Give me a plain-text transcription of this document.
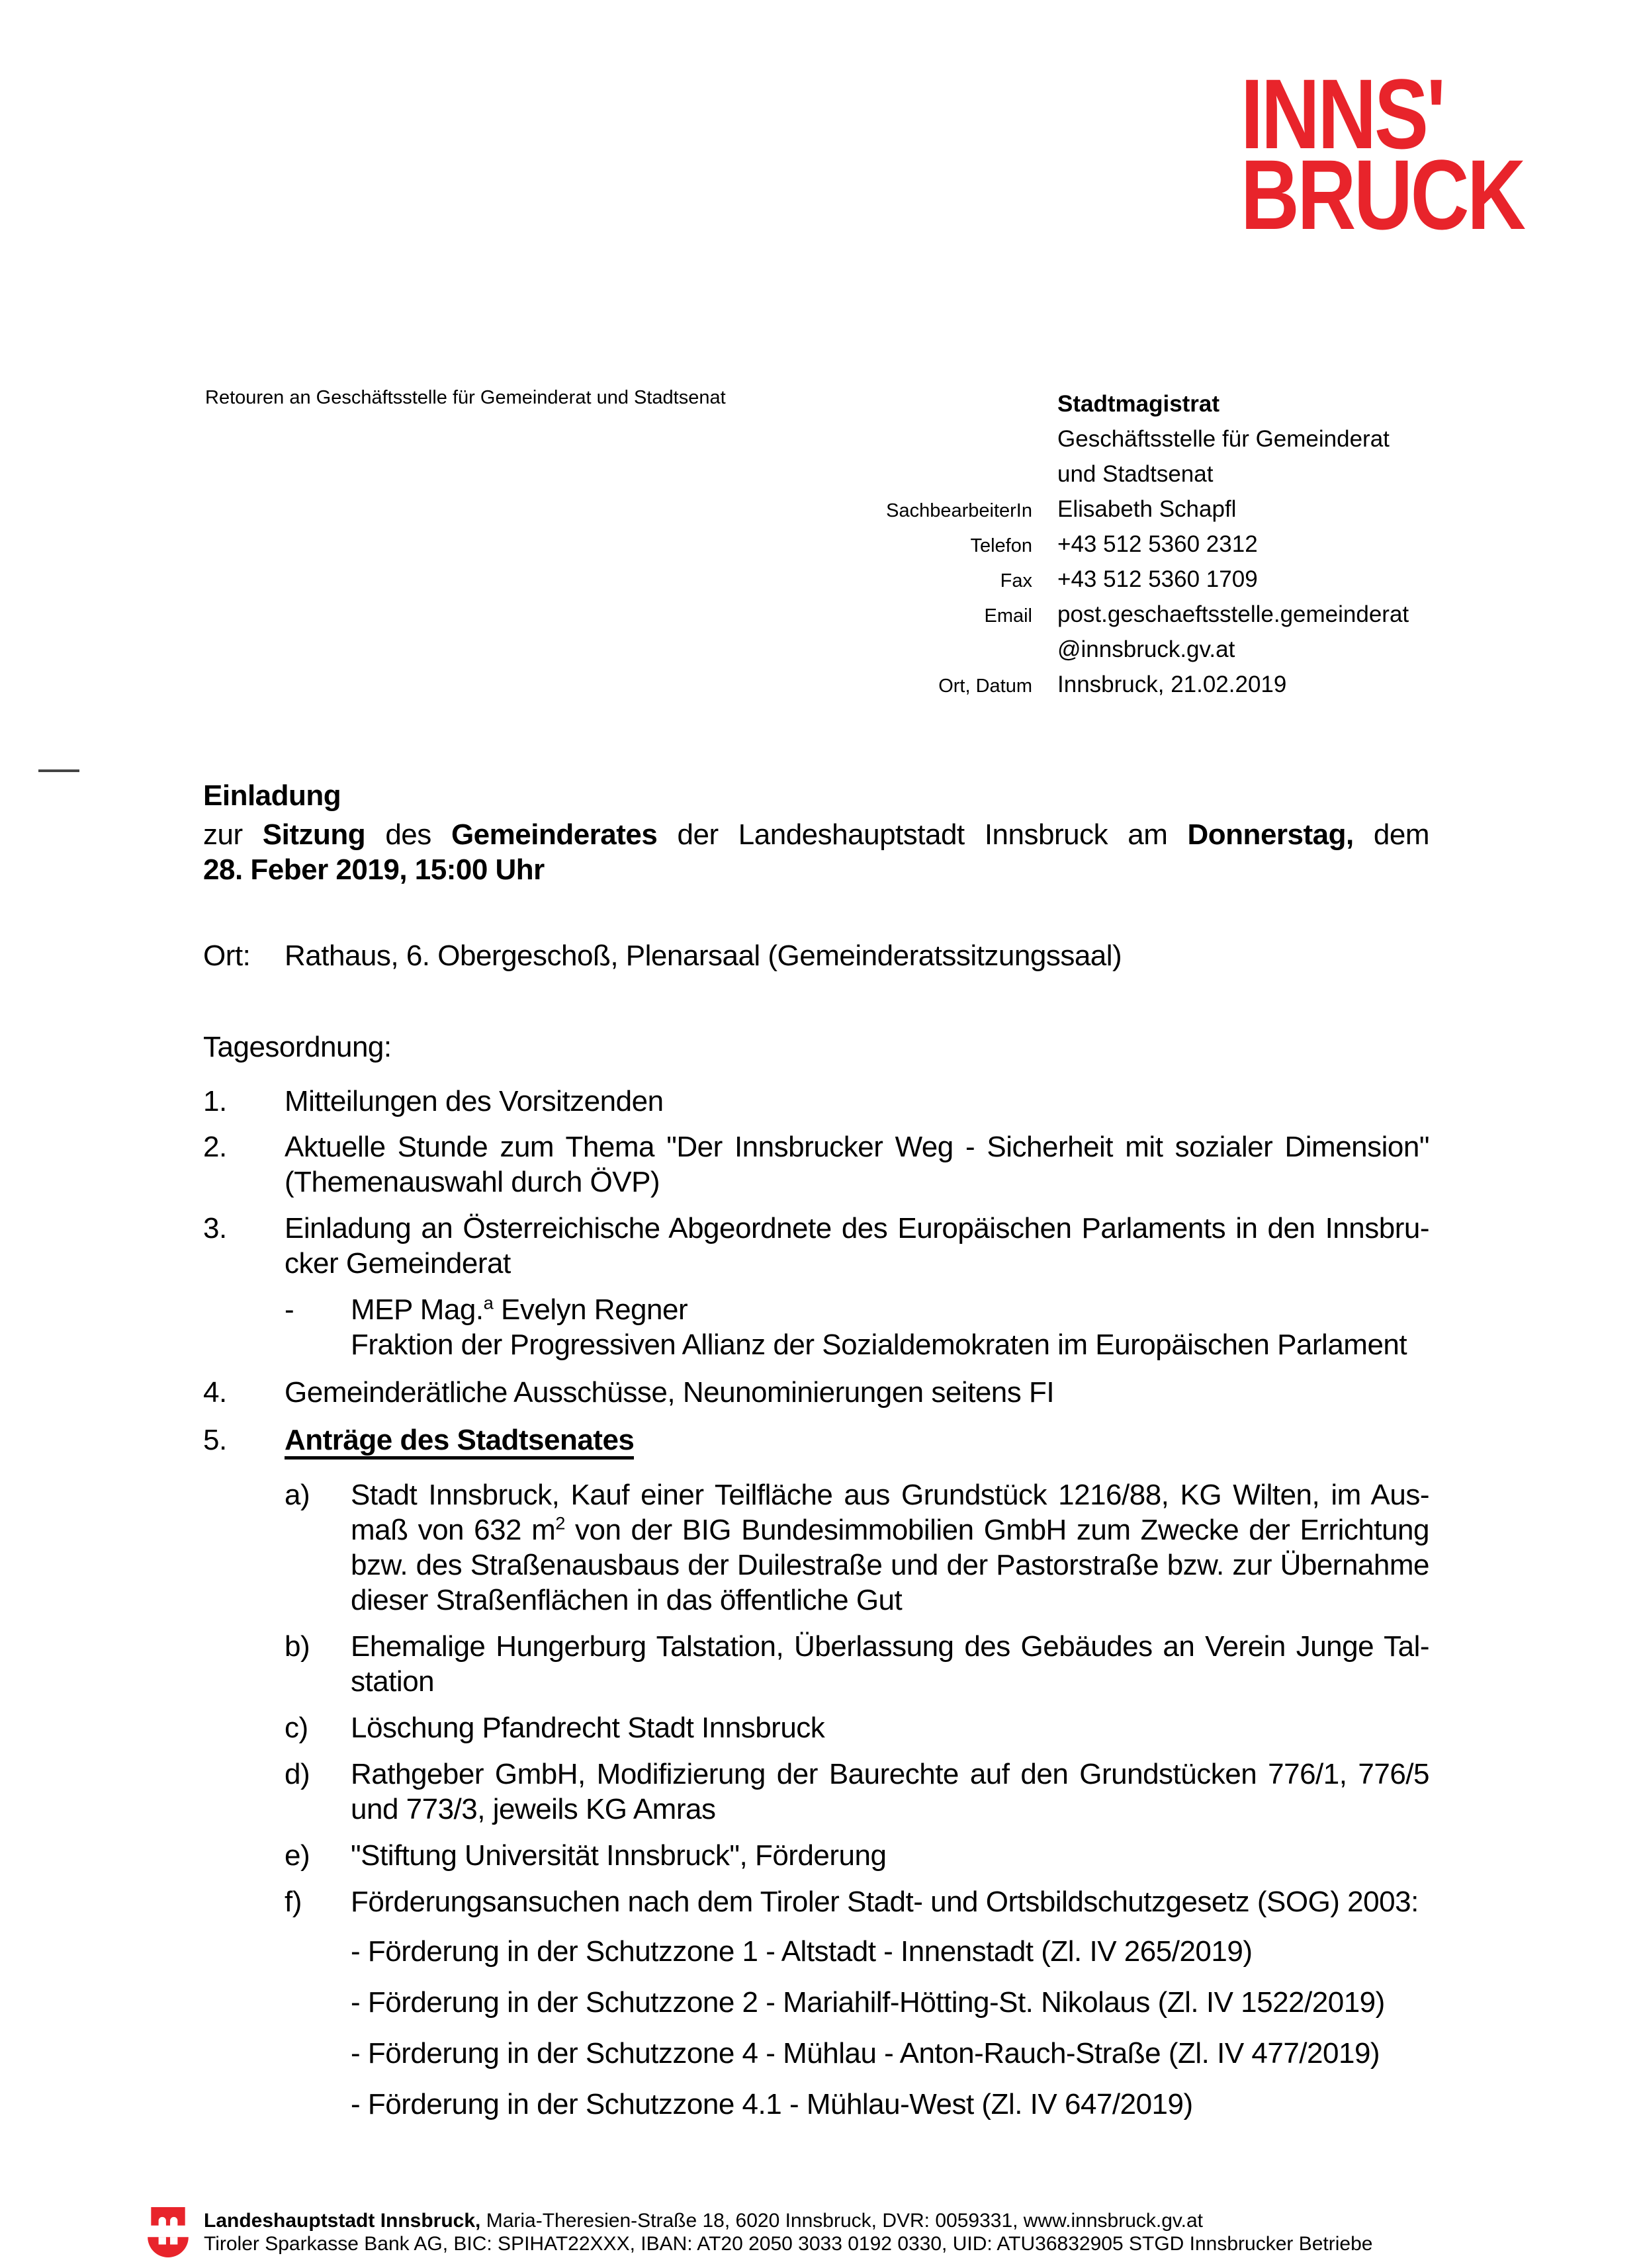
INNS'
BRUCK
Retouren an Geschäftsstelle für Gemeinderat und Stadtsenat	Stadtmagistrat
Geschäftsstelle für Gemeinderat
und Stadtsenat
SachbearbeiterIn Elisabeth Schapfl
Telefon +43 512 5360 2312
Fax +43 512 5360 1709
Email post.geschaeftsstelle.gemeinderat
@innsbruck.gv.at
Ort, Datum Innsbruck, 21.02.2019
Einladung
zur Sitzung des Gemeinderates der Landeshauptstadt Innsbruck am Donnerstag, dem
28. Feber 2019, 15:00 Uhr
Ort:	Rathaus, 6. Obergeschoß, Plenarsaal (Gemeinderatssitzungssaal)
Tagesordnung:
1. Mitteilungen des Vorsitzenden
2. Aktuelle Stunde zum Thema "Der Innsbrucker Weg - Sicherheit mit sozialer Dimension"
(Themenauswahl durch ÖVP)
3. Einladung an Österreichische Abgeordnete des Europäischen Parlaments in den Innsbru-
cker Gemeinderat
- MEP Mag.$^a$ Evelyn Regner
Fraktion der Progressiven Allianz der Sozialdemokraten im Europäischen Parlament
4. Gemeinderätliche Ausschüsse, Neunominierungen seitens FI
5. Anträge des Stadtsenates
a) Stadt Innsbruck, Kauf einer Teilfläche aus Grundstück 1216/88, KG Wilten, im Aus-
maß von 632 $m^2$ von der BIG Bundesimmobilien GmbH zum Zwecke der Errichtung
bzw. des Straßenausbaus der Duilestraße und der Pastorstraße bzw. zur Übernahme
dieser Straßenflächen in das öffentliche Gut
b) Ehemalige Hungerburg Talstation, Überlassung des Gebäudes an Verein Junge Tal-
station
c) Löschung Pfandrecht Stadt Innsbruck
d) Rathgeber GmbH, Modifizierung der Baurechte auf den Grundstücken 776/1, 776/5
und 773/3, jeweils KG Amras
e) "Stiftung Universität Innsbruck", Förderung
f) Förderungsansuchen nach dem Tiroler Stadt- und Ortsbildschutzgesetz (SOG) 2003:
- Förderung in der Schutzzone 1 - Altstadt - Innenstadt (Zl. IV 265/2019)
- Förderung in der Schutzzone 2 - Mariahilf-Hötting-St. Nikolaus (Zl. IV 1522/2019)
- Förderung in der Schutzzone 4 - Mühlau - Anton-Rauch-Straße (Zl. IV 477/2019)
- Förderung in der Schutzzone 4.1 - Mühlau-West (Zl. IV 647/2019)
Landeshauptstadt Innsbruck, Maria-Theresien-Straße 18, 6020 Innsbruck, DVR: 0059331, www.innsbruck.gv.at
Tiroler Sparkasse Bank AG, BIC: SPIHAT22XXX, IBAN: AT20 2050 3033 0192 0330, UID: ATU36832905 STGD Innsbrucker Betriebe
